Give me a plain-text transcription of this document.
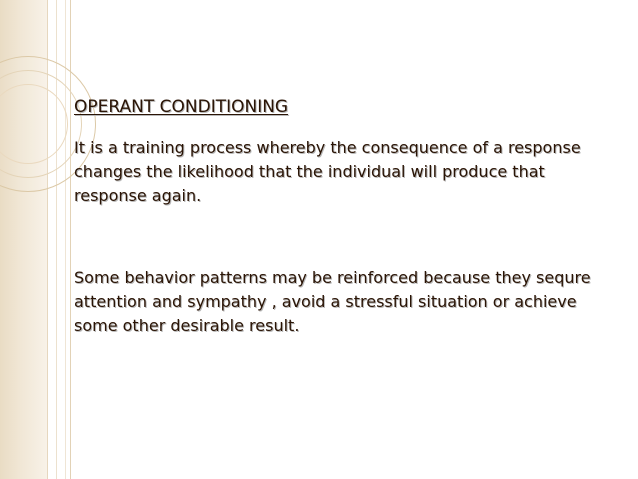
OPERANT CONDITIONING

It is a training process whereby the consequence of a response
changes the likelihood that the individual will produce that
response again.

Some behavior patterns may be reinforced because they sequre
attention and sympathy , avoid a stressful situation or achieve
some other desirable result.
